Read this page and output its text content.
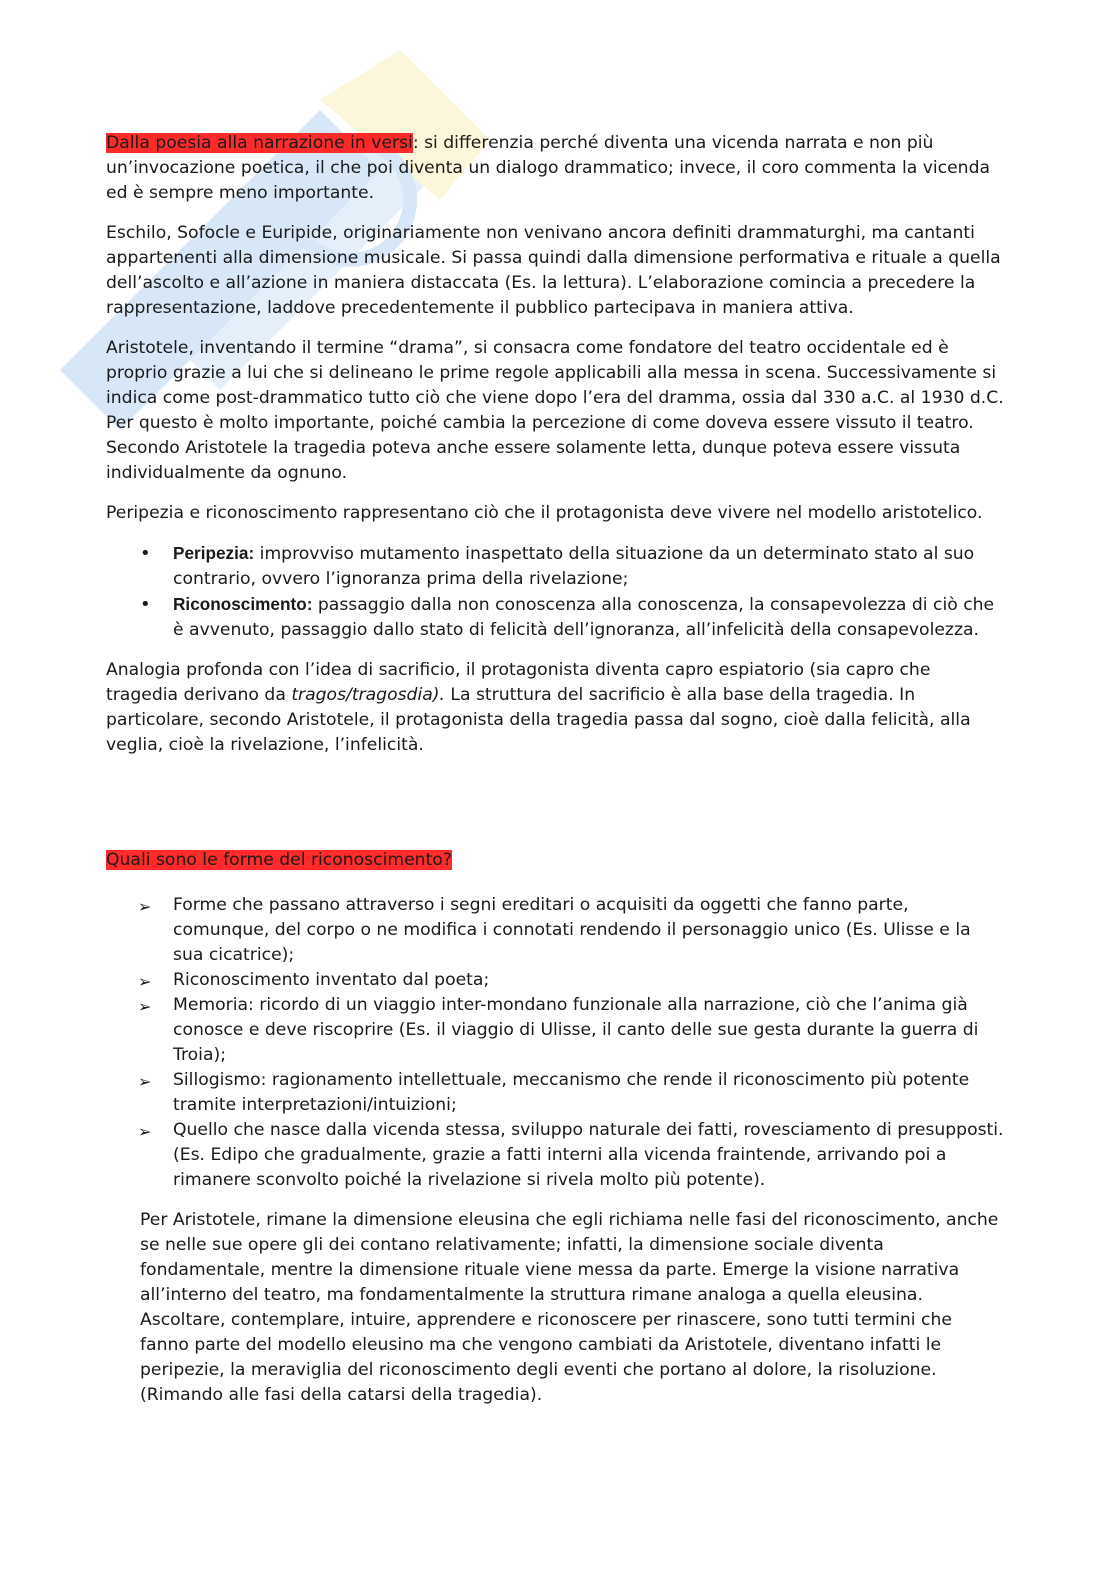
Dalla poesia alla narrazione in versi: si differenzia perché diventa una vicenda narrata e non più un’invocazione poetica, il che poi diventa un dialogo drammatico; invece, il coro commenta la vicenda ed è sempre meno importante.

Eschilo, Sofocle e Euripide, originariamente non venivano ancora definiti drammaturghi, ma cantanti appartenenti alla dimensione musicale. Si passa quindi dalla dimensione performativa e rituale a quella dell’ascolto e all’azione in maniera distaccata (Es. la lettura). L’elaborazione comincia a precedere la rappresentazione, laddove precedentemente il pubblico partecipava in maniera attiva.

Aristotele, inventando il termine “drama”, si consacra come fondatore del teatro occidentale ed è proprio grazie a lui che si delineano le prime regole applicabili alla messa in scena. Successivamente si indica come post-drammatico tutto ciò che viene dopo l’era del dramma, ossia dal 330 a.C. al 1930 d.C. Per questo è molto importante, poiché cambia la percezione di come doveva essere vissuto il teatro. Secondo Aristotele la tragedia poteva anche essere solamente letta, dunque poteva essere vissuta individualmente da ognuno.

Peripezia e riconoscimento rappresentano ciò che il protagonista deve vivere nel modello aristotelico.

• Peripezia: improvviso mutamento inaspettato della situazione da un determinato stato al suo contrario, ovvero l’ignoranza prima della rivelazione;
• Riconoscimento: passaggio dalla non conoscenza alla conoscenza, la consapevolezza di ciò che è avvenuto, passaggio dallo stato di felicità dell’ignoranza, all’infelicità della consapevolezza.

Analogia profonda con l’idea di sacrificio, il protagonista diventa capro espiatorio (sia capro che tragedia derivano da tragos/tragosdia). La struttura del sacrificio è alla base della tragedia. In particolare, secondo Aristotele, il protagonista della tragedia passa dal sogno, cioè dalla felicità, alla veglia, cioè la rivelazione, l’infelicità.

Quali sono le forme del riconoscimento?

➢ Forme che passano attraverso i segni ereditari o acquisiti da oggetti che fanno parte, comunque, del corpo o ne modifica i connotati rendendo il personaggio unico (Es. Ulisse e la sua cicatrice);
➢ Riconoscimento inventato dal poeta;
➢ Memoria: ricordo di un viaggio inter-mondano funzionale alla narrazione, ciò che l’anima già conosce e deve riscoprire (Es. il viaggio di Ulisse, il canto delle sue gesta durante la guerra di Troia);
➢ Sillogismo: ragionamento intellettuale, meccanismo che rende il riconoscimento più potente tramite interpretazioni/intuizioni;
➢ Quello che nasce dalla vicenda stessa, sviluppo naturale dei fatti, rovesciamento di presupposti. (Es. Edipo che gradualmente, grazie a fatti interni alla vicenda fraintende, arrivando poi a rimanere sconvolto poiché la rivelazione si rivela molto più potente).

Per Aristotele, rimane la dimensione eleusina che egli richiama nelle fasi del riconoscimento, anche se nelle sue opere gli dei contano relativamente; infatti, la dimensione sociale diventa fondamentale, mentre la dimensione rituale viene messa da parte. Emerge la visione narrativa all’interno del teatro, ma fondamentalmente la struttura rimane analoga a quella eleusina. Ascoltare, contemplare, intuire, apprendere e riconoscere per rinascere, sono tutti termini che fanno parte del modello eleusino ma che vengono cambiati da Aristotele, diventano infatti le peripezie, la meraviglia del riconoscimento degli eventi che portano al dolore, la risoluzione. (Rimando alle fasi della catarsi della tragedia).
